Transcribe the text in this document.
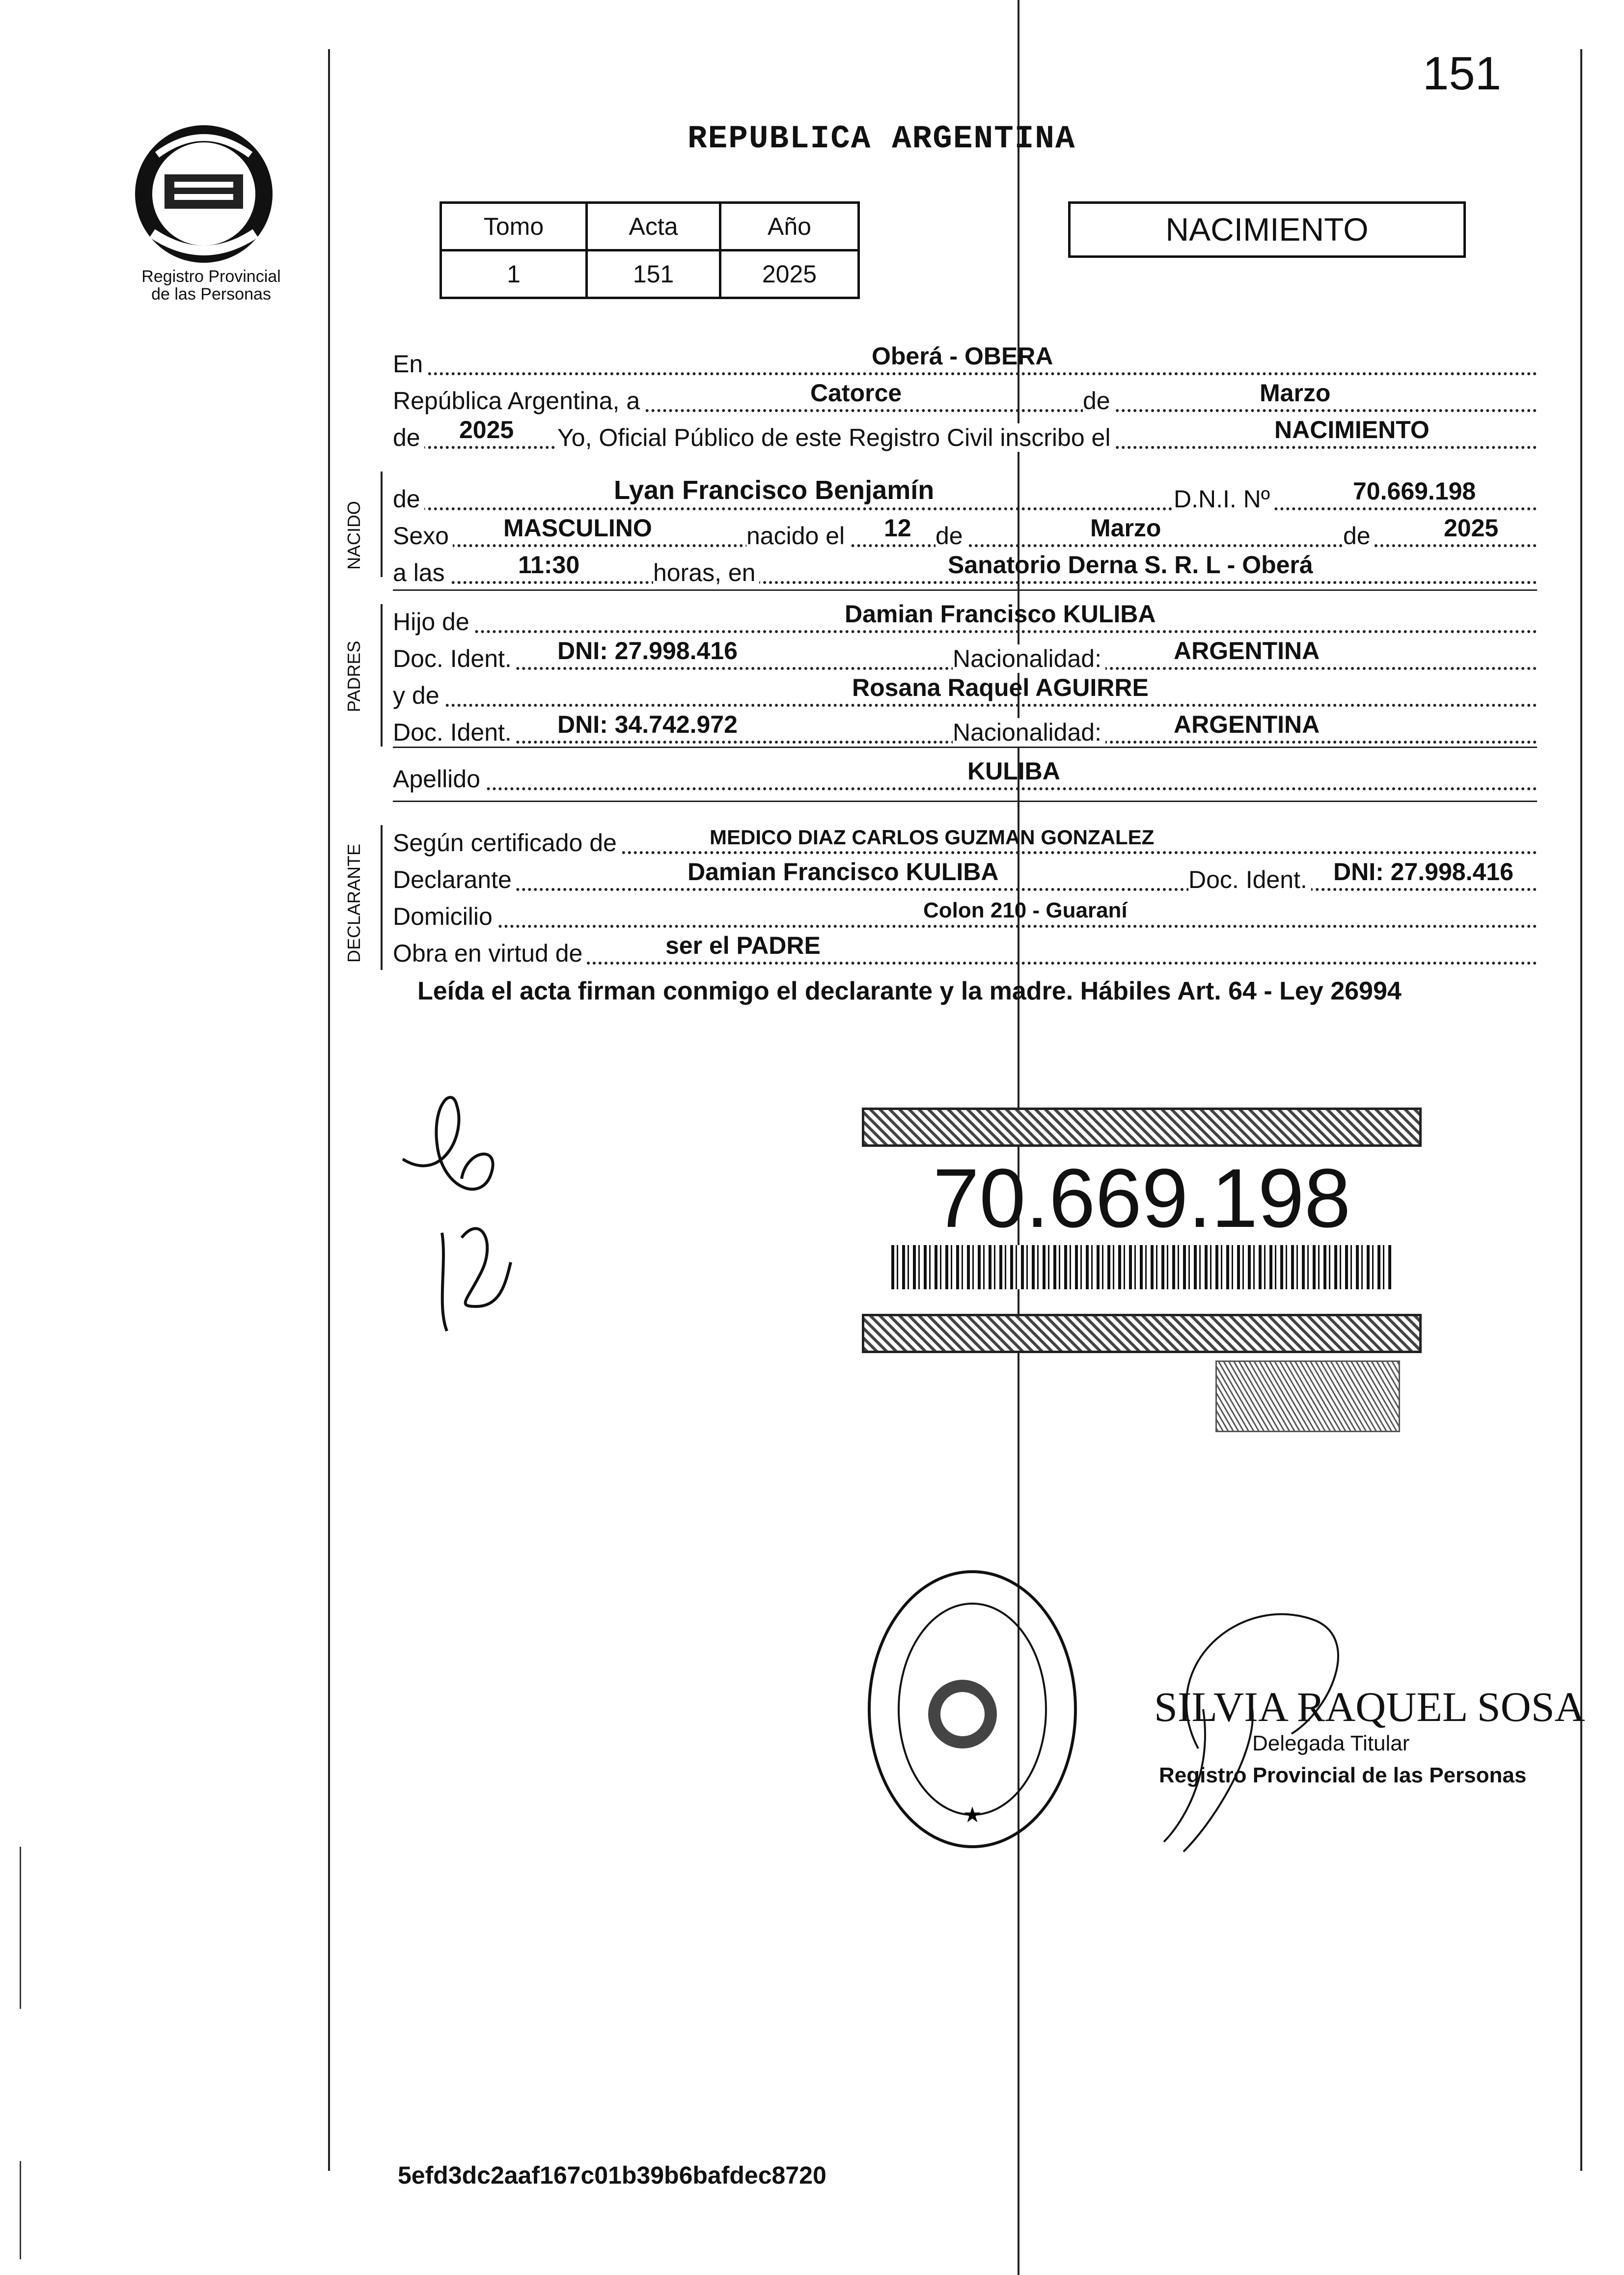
Registro Provincial
de las Personas
REPUBLICA ARGENTINA
151
Tomo	Acta	Año
1	151	2025
NACIMIENTO
En	Oberá - OBERA
República Argentina, a	Catorce	de	Marzo
de 2025 Yo, Oficial Público de este Registro Civil inscribo el	NACIMIENTO
NACIDO
de	Lyan Francisco Benjamín	D.N.I. Nº	70.669.198
Sexo MASCULINO	nacido el 12 de	Marzo	de	2025
a las	11:30	horas, en	Sanatorio Derna S. R. L - Oberá
PADRES
Hijo de	Damian Francisco KULIBA
Doc. Ident. DNI: 27.998.416	Nacionalidad:	ARGENTINA
y de	Rosana Raquel AGUIRRE
Doc. Ident. DNI: 34.742.972	Nacionalidad:	ARGENTINA
Apellido	KULIBA
DECLARANTE
Según certificado de	MEDICO DIAZ CARLOS GUZMAN GONZALEZ
Declarante	Damian Francisco KULIBA	Doc. Ident. DNI: 27.998.416
Domicilio	Colon 210 - Guaraní
Obra en virtud de	ser el PADRE
Leída el acta firman conmigo el declarante y la madre. Hábiles Art. 64 - Ley 26994
70.669.198
★
SILVIA RAQUEL SOSA
Delegada Titular
Registro Provincial de las Personas
5efd3dc2aaf167c01b39b6bafdec8720
